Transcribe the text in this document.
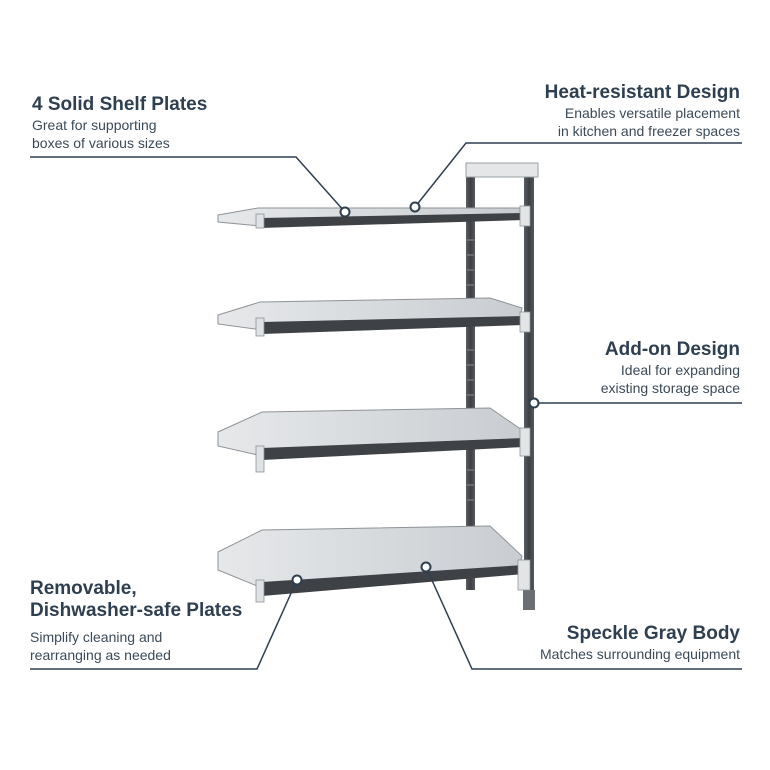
4 Solid Shelf Plates
Great for supporting
boxes of various sizes
Heat-resistant Design
Enables versatile placement
in kitchen and freezer spaces
Add-on Design
Ideal for expanding
existing storage space
Removable,
Dishwasher-safe Plates
Simplify cleaning and
rearranging as needed
Speckle Gray Body
Matches surrounding equipment
